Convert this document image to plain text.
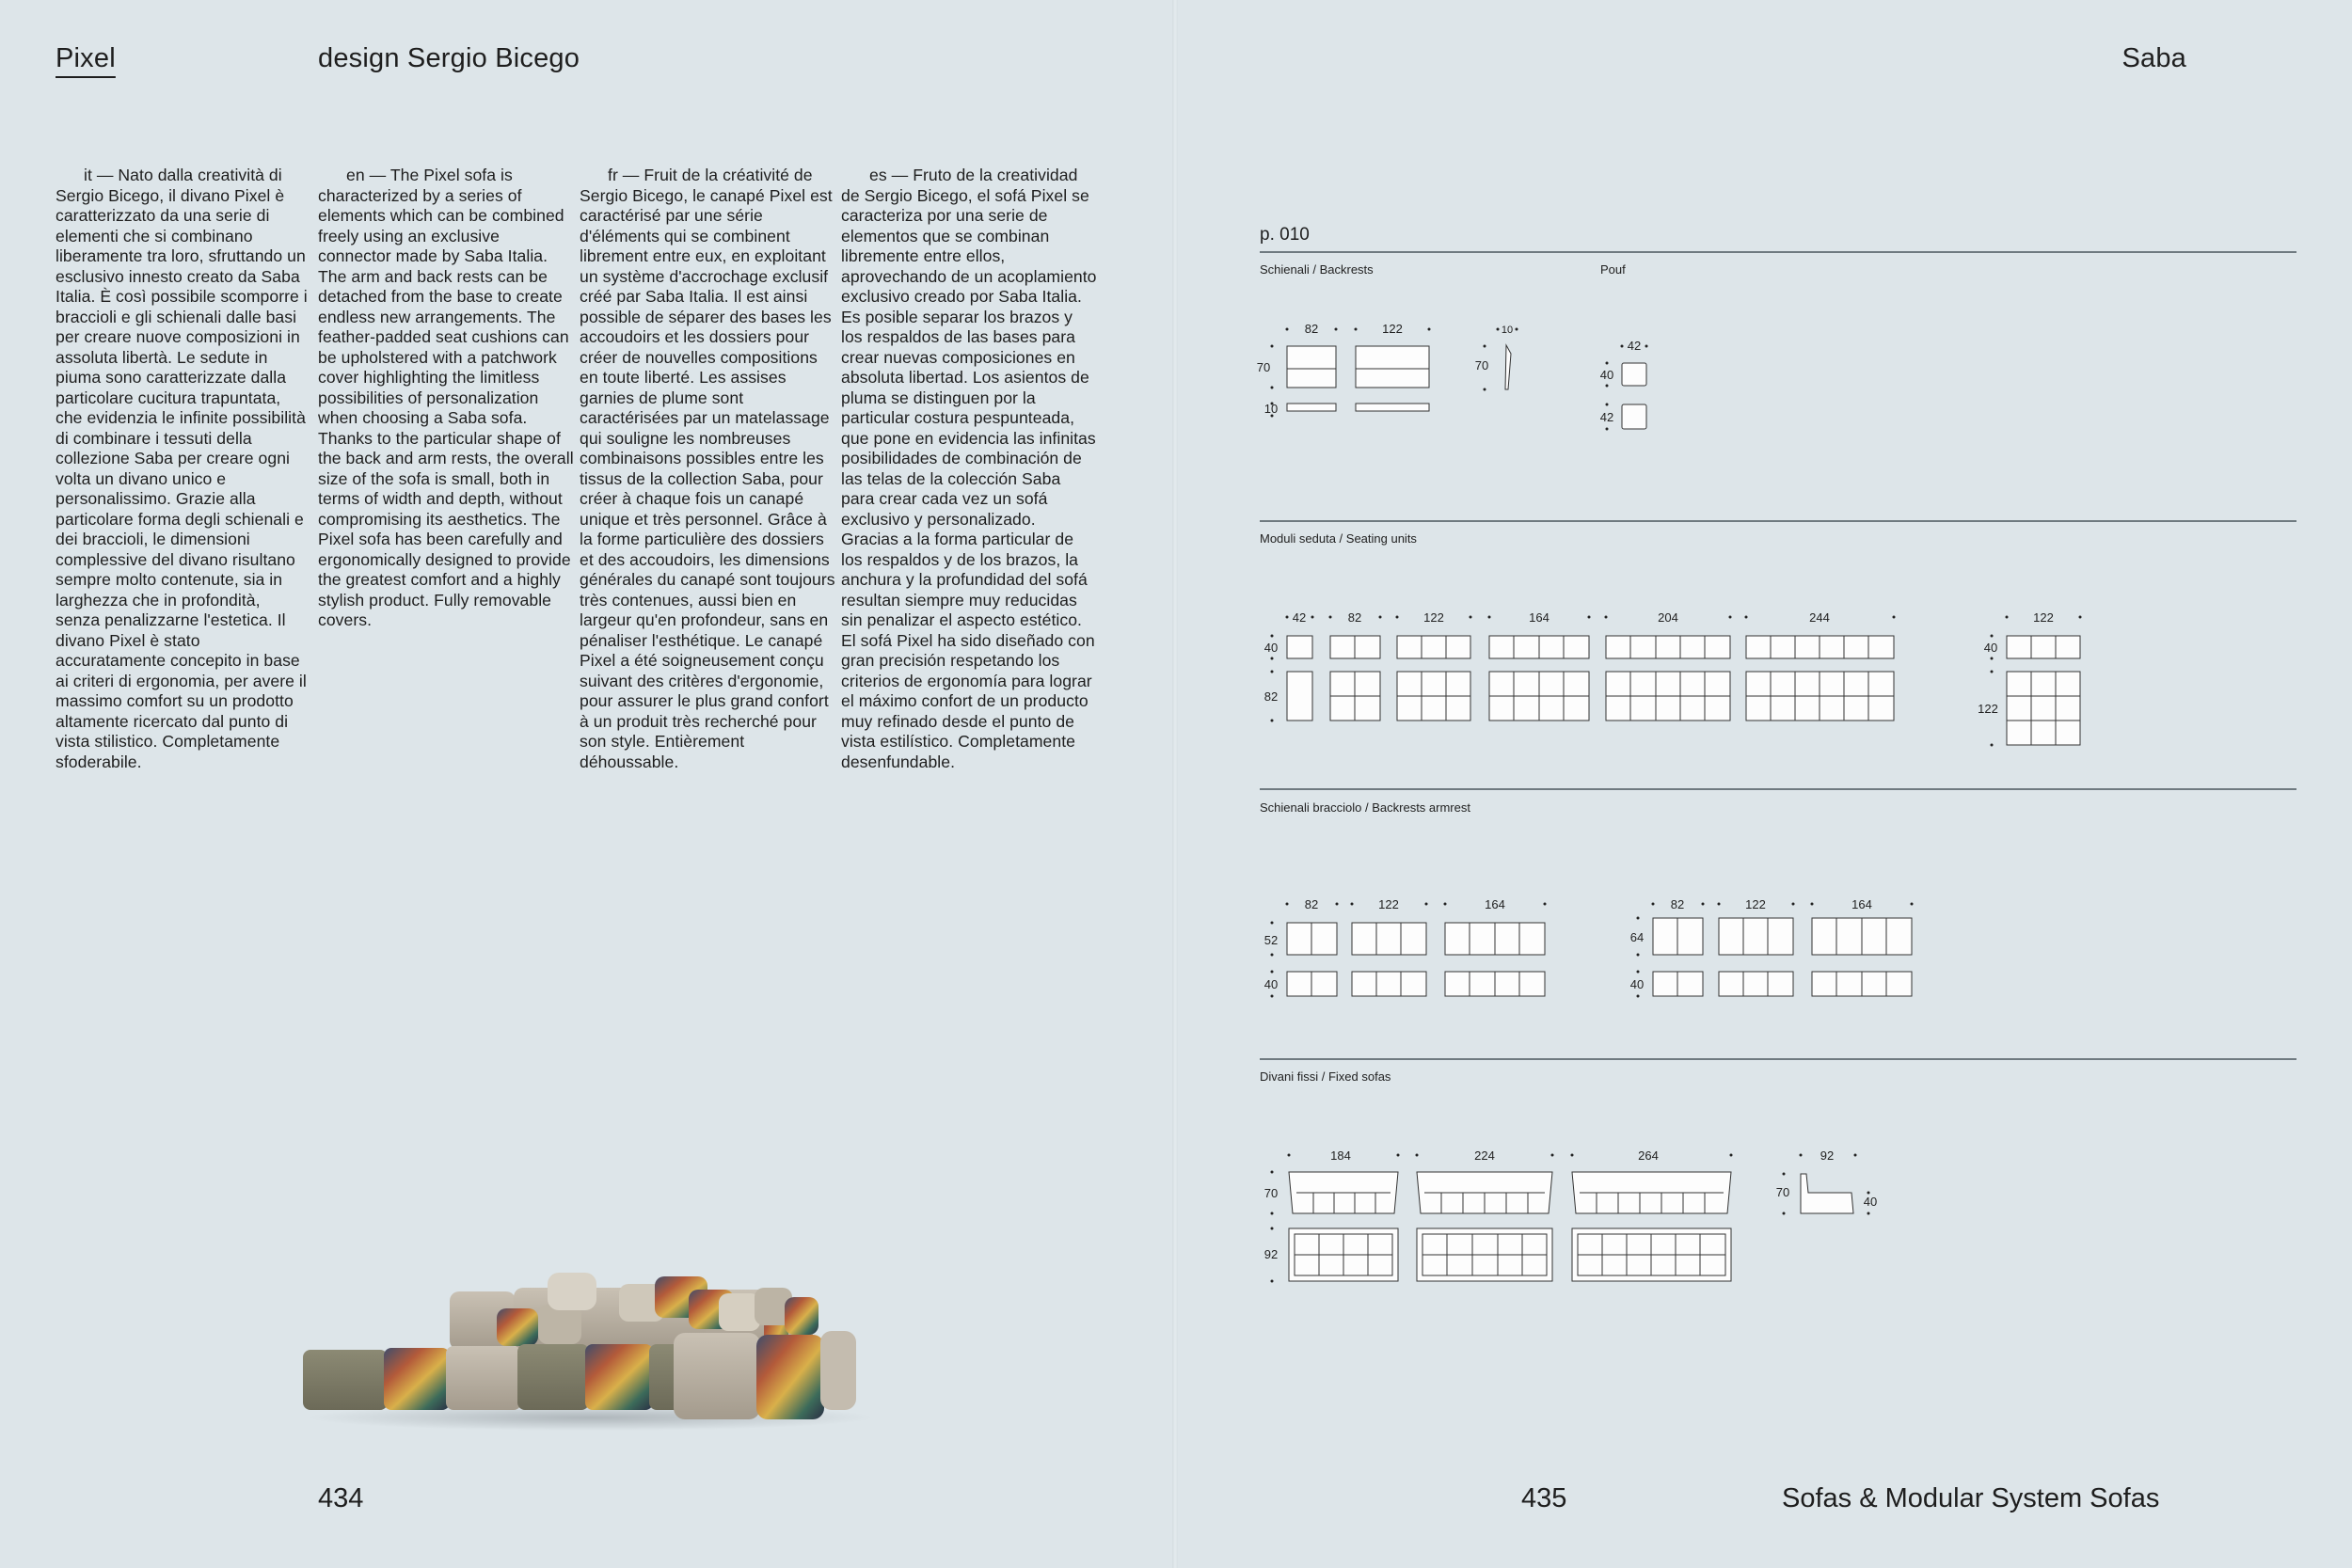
Pixel	design Sergio Bicego	Saba
it — Nato dalla creatività di Sergio Bicego, il divano Pixel è caratterizzato da una serie di elementi che si combinano liberamente tra loro, sfruttando un esclusivo innesto creato da Saba Italia. È così possibile scomporre i braccioli e gli schienali dalle basi per creare nuove composizioni in assoluta libertà. Le sedute in piuma sono caratterizzate dalla particolare cucitura trapuntata, che evidenzia le infinite possibilità di combinare i tessuti della collezione Saba per creare ogni volta un divano unico e personalissimo. Grazie alla particolare forma degli schienali e dei braccioli, le dimensioni complessive del divano risultano sempre molto contenute, sia in larghezza che in profondità, senza penalizzarne l'estetica. Il divano Pixel è stato accuratamente concepito in base ai criteri di ergonomia, per avere il massimo comfort su un prodotto altamente ricercato dal punto di vista stilistico. Completamente sfoderabile.
en — The Pixel sofa is characterized by a series of elements which can be combined freely using an exclusive connector made by Saba Italia. The arm and back rests can be detached from the base to create endless new arrangements. The feather-padded seat cushions can be upholstered with a patchwork cover highlighting the limitless possibilities of personalization when choosing a Saba sofa. Thanks to the particular shape of the back and arm rests, the overall size of the sofa is small, both in terms of width and depth, without compromising its aesthetics. The Pixel sofa has been carefully and ergonomically designed to provide the greatest comfort and a highly stylish product. Fully removable covers.
fr — Fruit de la créativité de Sergio Bicego, le canapé Pixel est caractérisé par une série d'éléments qui se combinent librement entre eux, en exploitant un système d'accrochage exclusif créé par Saba Italia. Il est ainsi possible de séparer des bases les accoudoirs et les dossiers pour créer de nouvelles compositions en toute liberté. Les assises garnies de plume sont caractérisées par un matelassage qui souligne les nombreuses combinaisons possibles entre les tissus de la collection Saba, pour créer à chaque fois un canapé unique et très personnel. Grâce à la forme particulière des dossiers et des accoudoirs, les dimensions générales du canapé sont toujours très contenues, aussi bien en largeur qu'en profondeur, sans en pénaliser l'esthétique. Le canapé Pixel a été soigneusement conçu suivant des critères d'ergonomie, pour assurer le plus grand confort à un produit très recherché pour son style. Entièrement déhoussable.
es — Fruto de la creatividad de Sergio Bicego, el sofá Pixel se caracteriza por una serie de elementos que se combinan libremente entre ellos, aprovechando de un acoplamiento exclusivo creado por Saba Italia. Es posible separar los brazos y los respaldos de las bases para crear nuevas composiciones en absoluta libertad. Los asientos de pluma se distinguen por la particular costura pespunteada, que pone en evidencia las infinitas posibilidades de combinación de las telas de la colección Saba para crear cada vez un sofá exclusivo y personalizado. Gracias a la forma particular de los respaldos y de los brazos, la anchura y la profundidad del sofá resultan siempre muy reducidas sin penalizar el aspecto estético. El sofá Pixel ha sido diseñado con gran precisión respetando los criterios de ergonomía para lograr el máximo confort de un producto muy refinado desde el punto de vista estilístico. Completamente desenfundable.
p. 010
Schienali / Backrests	Pouf
Moduli seduta / Seating units
Schienali bracciolo / Backrests armrest
Divani fissi / Fixed sofas
82	122	10
70
10
70
42
40
42
42	82	122	164	204	244
40
82
122
40
122
82	122	164
52
40
82	122	164
64
40
184	224	264
70
92
92
70
40
434	435	Sofas & Modular System Sofas
